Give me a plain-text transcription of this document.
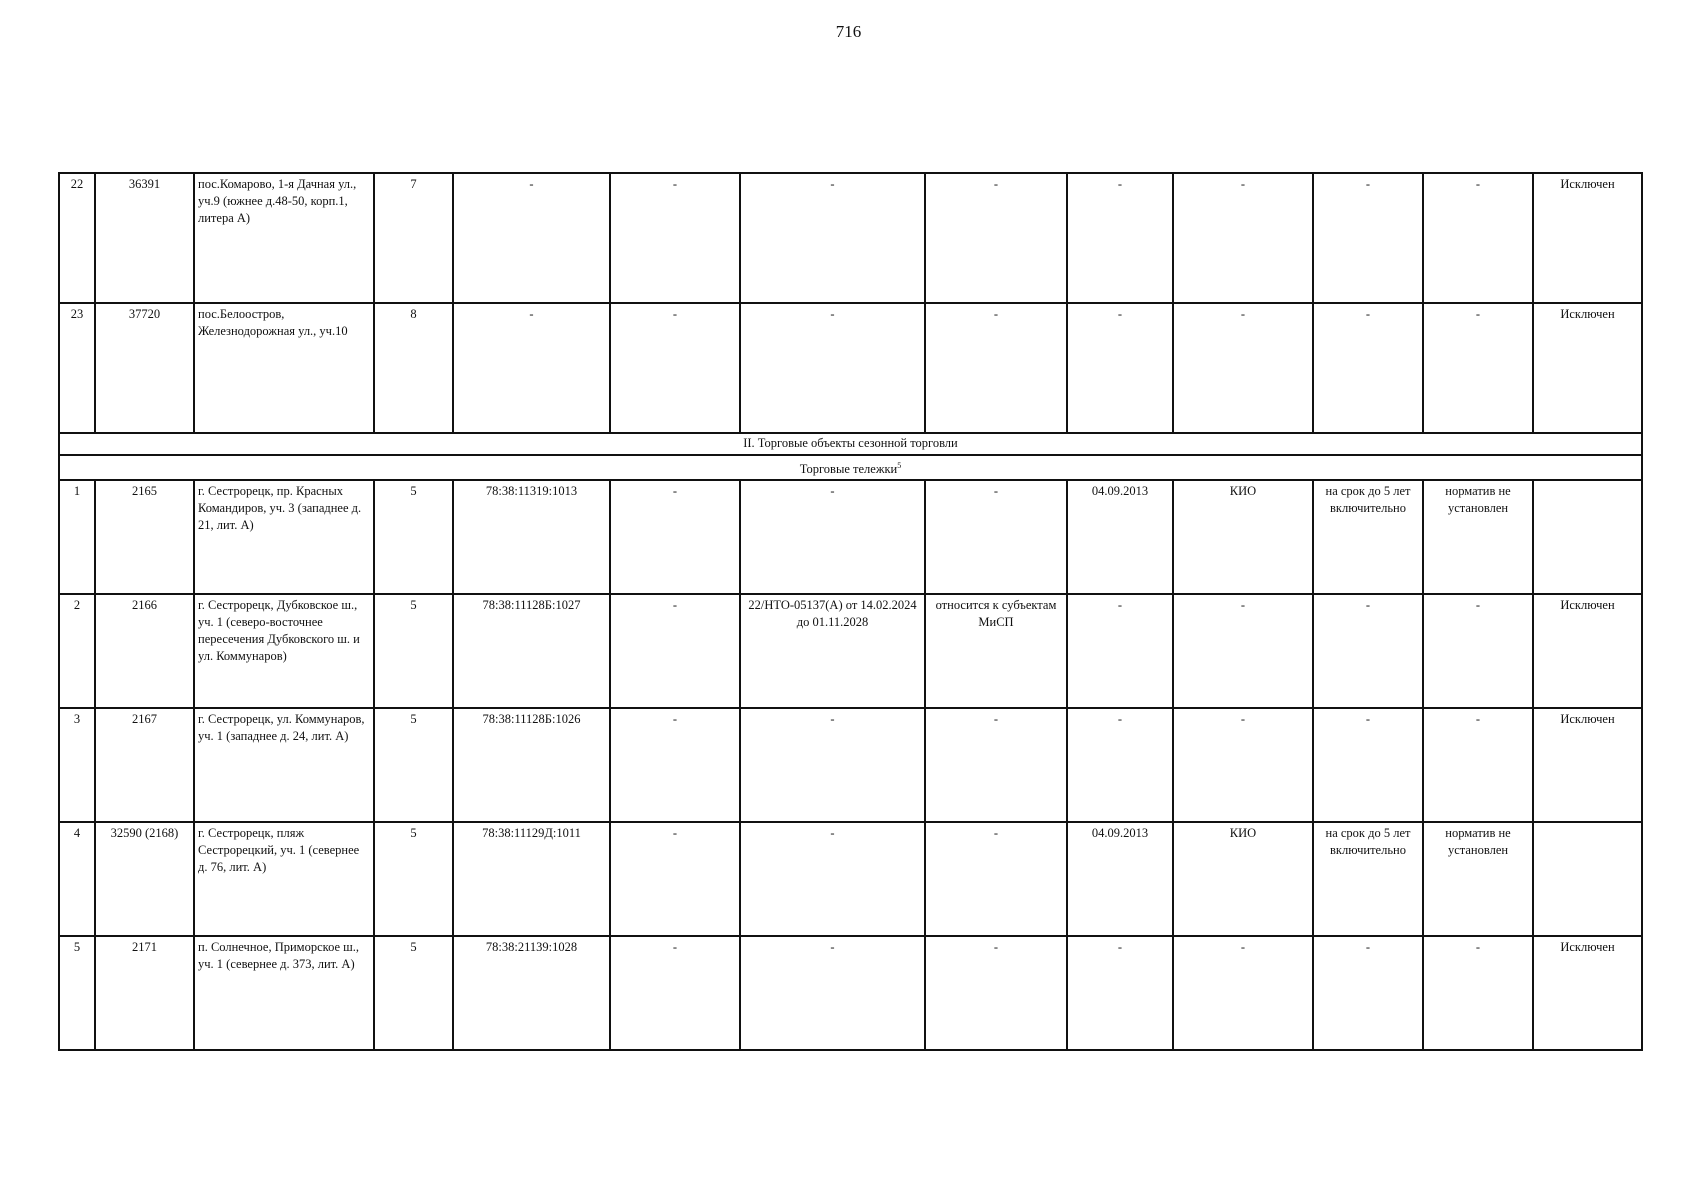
716
22	36391	пос.Комарово, 1-я Дачная ул., уч.9 (южнее д.48-50, корп.1, литера А)	7	-	-	-	-	-	-	-	-	Исключен
23	37720	пос.Белоостров, Железнодорожная ул., уч.10	8	-	-	-	-	-	-	-	-	Исключен
II. Торговые объекты сезонной торговли												
Торговые тележки$^5$
1	2165	г. Сестрорецк, пр. Красных Командиров, уч. 3 (западнее д. 21, лит. А)	5	78:38:11319:1013	-	-	-	04.09.2013	КИО	на срок до 5 лет включительно	норматив не установлен	
2	2166	г. Сестрорецк, Дубковское ш., уч. 1 (северо-восточнее пересечения Дубковского ш. и ул. Коммунаров)	5	78:38:11128Б:1027	-	22/НТО-05137(А) от 14.02.2024 до 01.11.2028	относится к субъектам МиСП	-	-	-	-	Исключен
3	2167	г. Сестрорецк, ул. Коммунаров, уч. 1 (западнее д. 24, лит. А)	5	78:38:11128Б:1026	-	-	-	-	-	-	-	Исключен
4	32590 (2168)	г. Сестрорецк, пляж Сестрорецкий, уч. 1 (севернее д. 76, лит. А)	5	78:38:11129Д:1011	-	-	-	04.09.2013	КИО	на срок до 5 лет включительно	норматив не установлен	
5	2171	п. Солнечное, Приморское ш., уч. 1 (севернее д. 373, лит. А)	5	78:38:21139:1028	-	-	-	-	-	-	-	Исключен
